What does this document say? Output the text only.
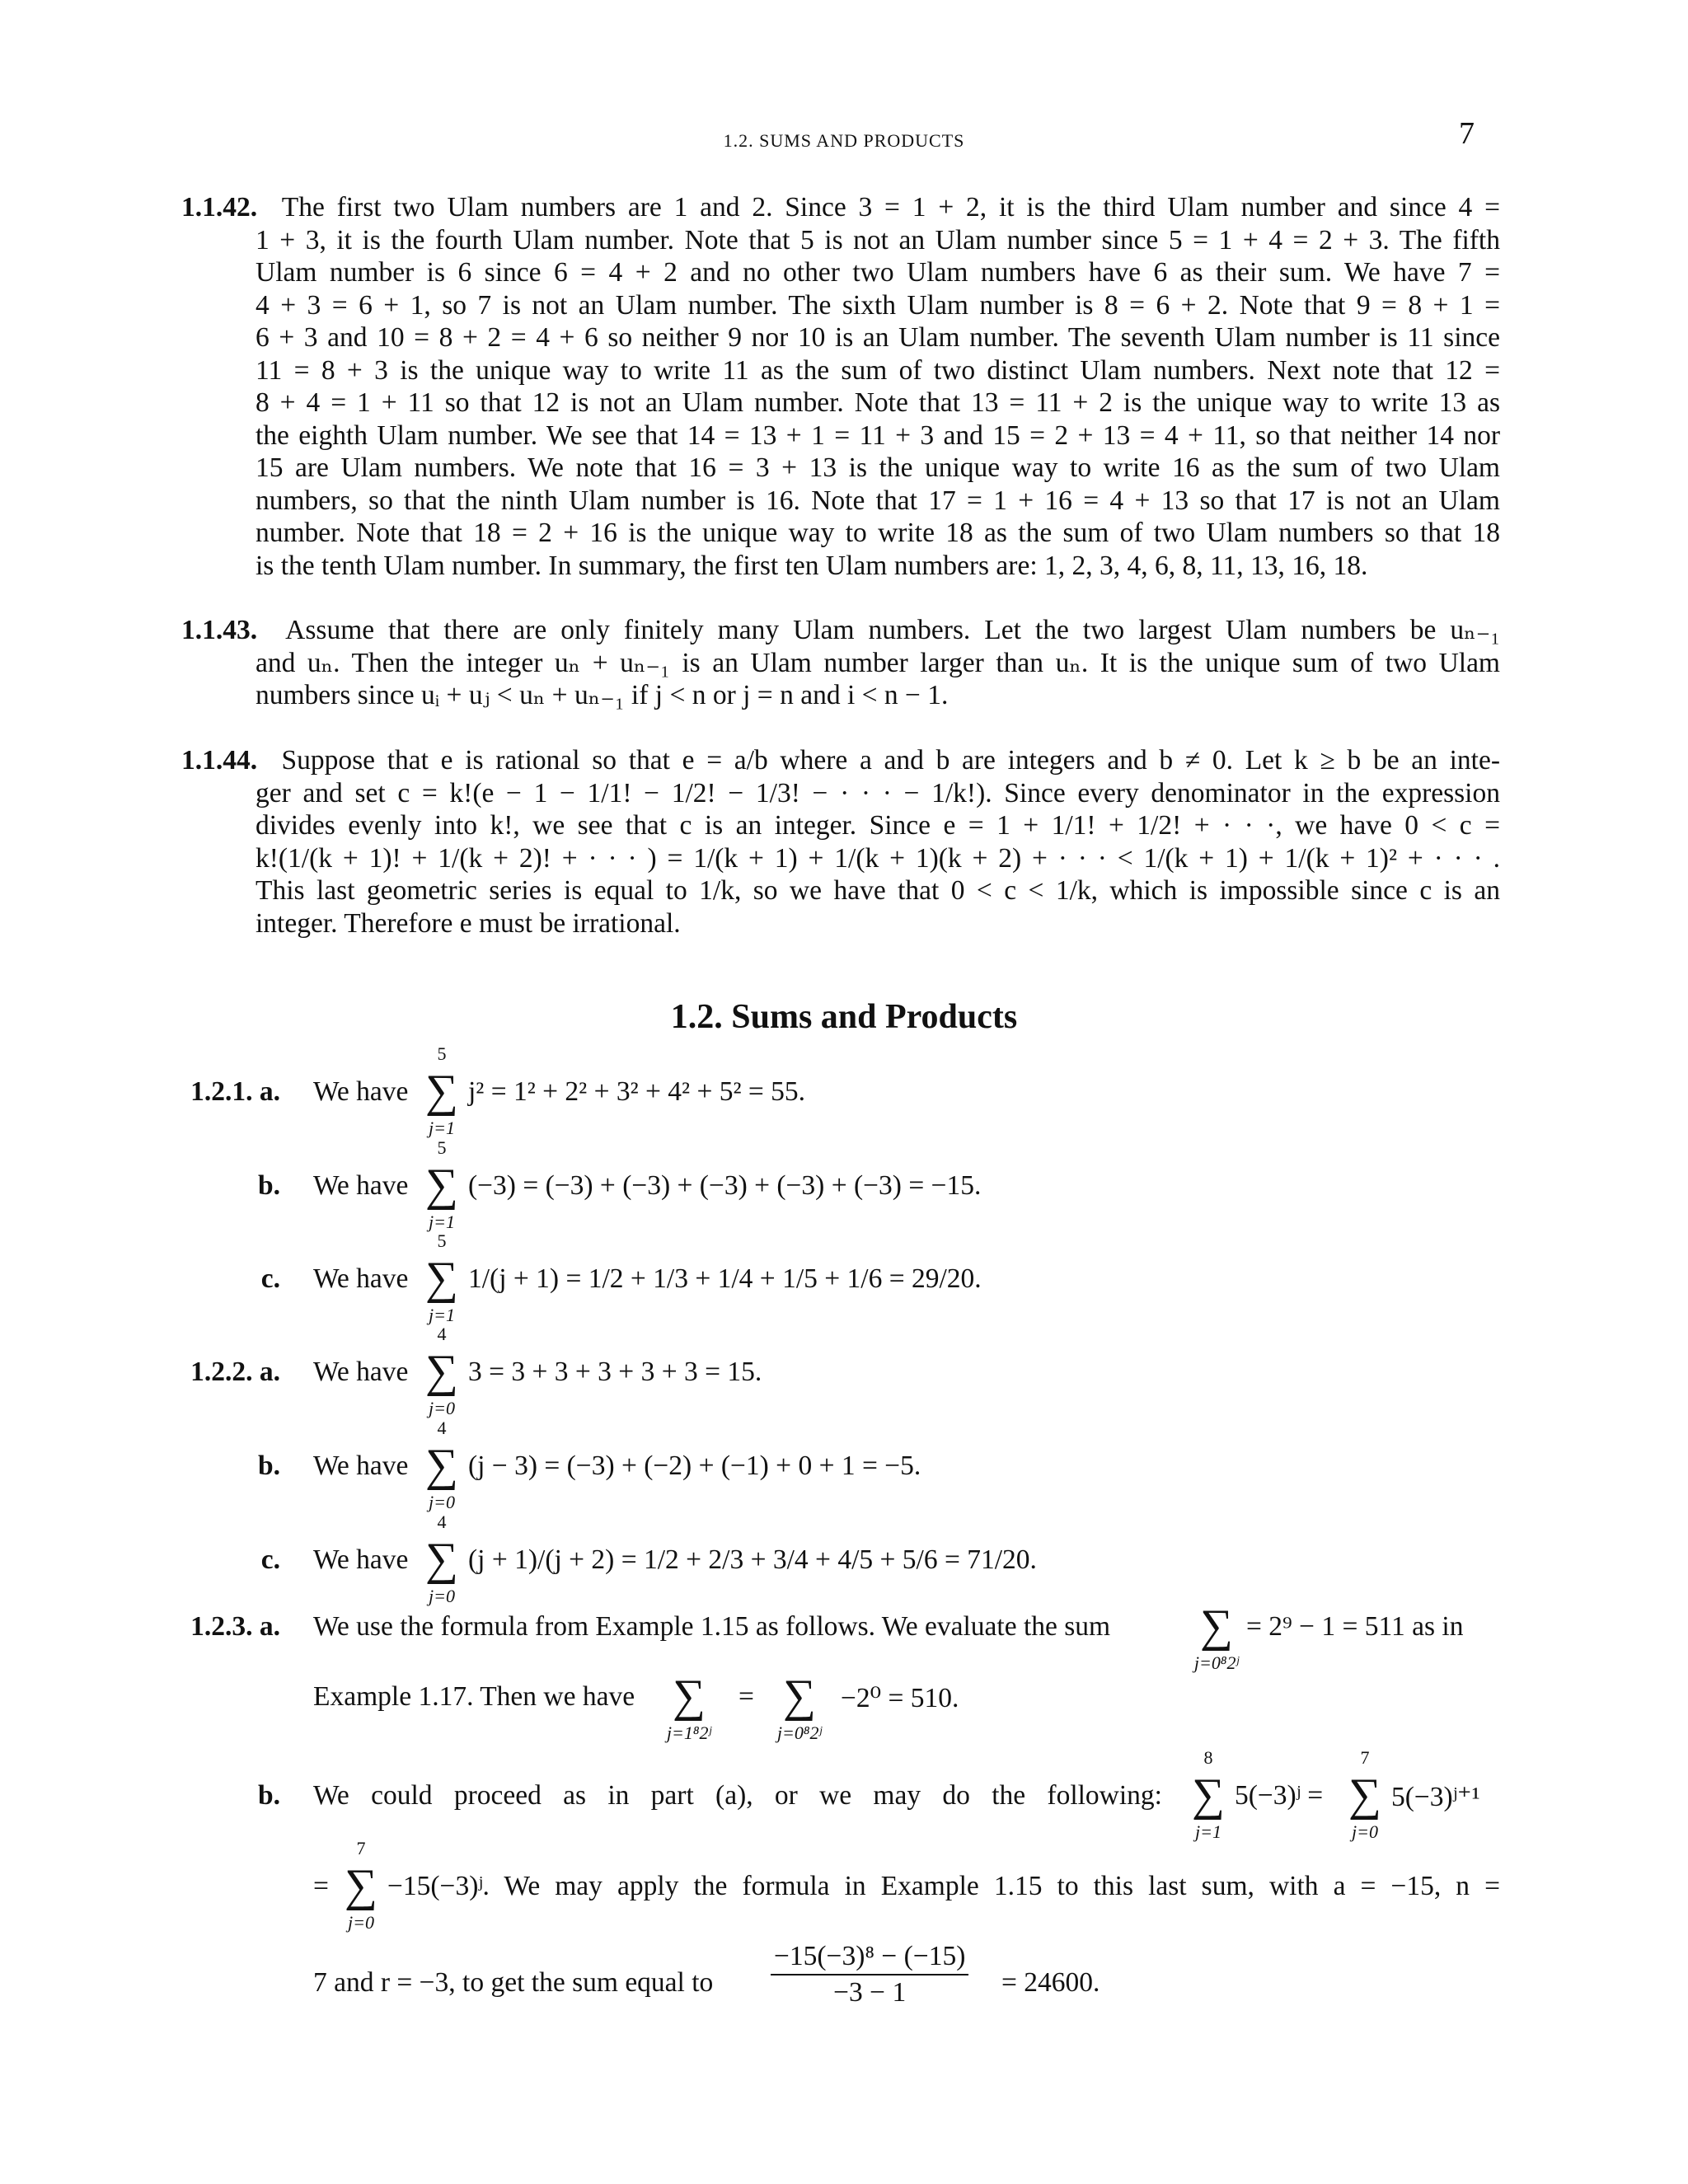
1.2. SUMS AND PRODUCTS	7
1.1.42. The first two Ulam numbers are 1 and 2. Since 3 = 1 + 2, it is the third Ulam number and since 4 =
1 + 3, it is the fourth Ulam number. Note that 5 is not an Ulam number since 5 = 1 + 4 = 2 + 3. The fifth
Ulam number is 6 since 6 = 4 + 2 and no other two Ulam numbers have 6 as their sum. We have 7 =
4 + 3 = 6 + 1, so 7 is not an Ulam number. The sixth Ulam number is 8 = 6 + 2. Note that 9 = 8 + 1 =
6 + 3 and 10 = 8 + 2 = 4 + 6 so neither 9 nor 10 is an Ulam number. The seventh Ulam number is 11 since
11 = 8 + 3 is the unique way to write 11 as the sum of two distinct Ulam numbers. Next note that 12 =
8 + 4 = 1 + 11 so that 12 is not an Ulam number. Note that 13 = 11 + 2 is the unique way to write 13 as
the eighth Ulam number. We see that 14 = 13 + 1 = 11 + 3 and 15 = 2 + 13 = 4 + 11, so that neither 14 nor
15 are Ulam numbers. We note that 16 = 3 + 13 is the unique way to write 16 as the sum of two Ulam
numbers, so that the ninth Ulam number is 16. Note that 17 = 1 + 16 = 4 + 13 so that 17 is not an Ulam
number. Note that 18 = 2 + 16 is the unique way to write 18 as the sum of two Ulam numbers so that 18
is the tenth Ulam number. In summary, the first ten Ulam numbers are: 1, 2, 3, 4, 6, 8, 11, 13, 16, 18.
1.1.43. Assume that there are only finitely many Ulam numbers. Let the two largest Ulam numbers be uₙ₋₁
and uₙ. Then the integer uₙ + uₙ₋₁ is an Ulam number larger than uₙ. It is the unique sum of two Ulam
numbers since uᵢ + uⱼ < uₙ + uₙ₋₁ if j < n or j = n and i < n − 1.
1.1.44. Suppose that e is rational so that e = a/b where a and b are integers and b ≠ 0. Let k ≥ b be an inte-
ger and set c = k!(e − 1 − 1/1! − 1/2! − 1/3! − · · · − 1/k!). Since every denominator in the expression
divides evenly into k!, we see that c is an integer. Since e = 1 + 1/1! + 1/2! + · · ·, we have 0 < c =
k!(1/(k + 1)! + 1/(k + 2)! + · · · ) = 1/(k + 1) + 1/(k + 1)(k + 2) + · · · < 1/(k + 1) + 1/(k + 1)² + · · · .
This last geometric series is equal to 1/k, so we have that 0 < c < 1/k, which is impossible since c is an
integer. Therefore e must be irrational.
1.2. Sums and Products
1.2.1. a. We have
5
∑
j=1
j² = 1² + 2² + 3² + 4² + 5² = 55.
b. We have
5
∑
j=1
(−3) = (−3) + (−3) + (−3) + (−3) + (−3) = −15.
c. We have
5
∑
j=1
1/(j + 1) = 1/2 + 1/3 + 1/4 + 1/5 + 1/6 = 29/20.
1.2.2. a. We have
4
∑
j=0
3 = 3 + 3 + 3 + 3 + 3 = 15.
b. We have
4
∑
j=0
(j − 3) = (−3) + (−2) + (−1) + 0 + 1 = −5.
c. We have
4
∑
j=0
(j + 1)/(j + 2) = 1/2 + 2/3 + 3/4 + 4/5 + 5/6 = 71/20.
1.2.3. a. We use the formula from Example 1.15 as follows. We evaluate the sum ∑
j=0⁸2ʲ
= 2⁹ − 1 = 511 as in
Example 1.17. Then we have ∑
j=1⁸2ʲ
= ∑
j=0⁸2ʲ
−2⁰ = 510.
b. We could proceed as in part (a), or we may do the following:
8
∑
j=1
5(−3)ʲ =
7
∑
j=0
5(−3)ʲ⁺¹
=
7
∑
j=0
−15(−3)ʲ. We may apply the formula in Example 1.15 to this last sum, with a = −15, n =
7 and r = −3, to get the sum equal to $\frac{\text{−15(−3)⁸ − (−15)}}{-3 - 1} = 24600$.
